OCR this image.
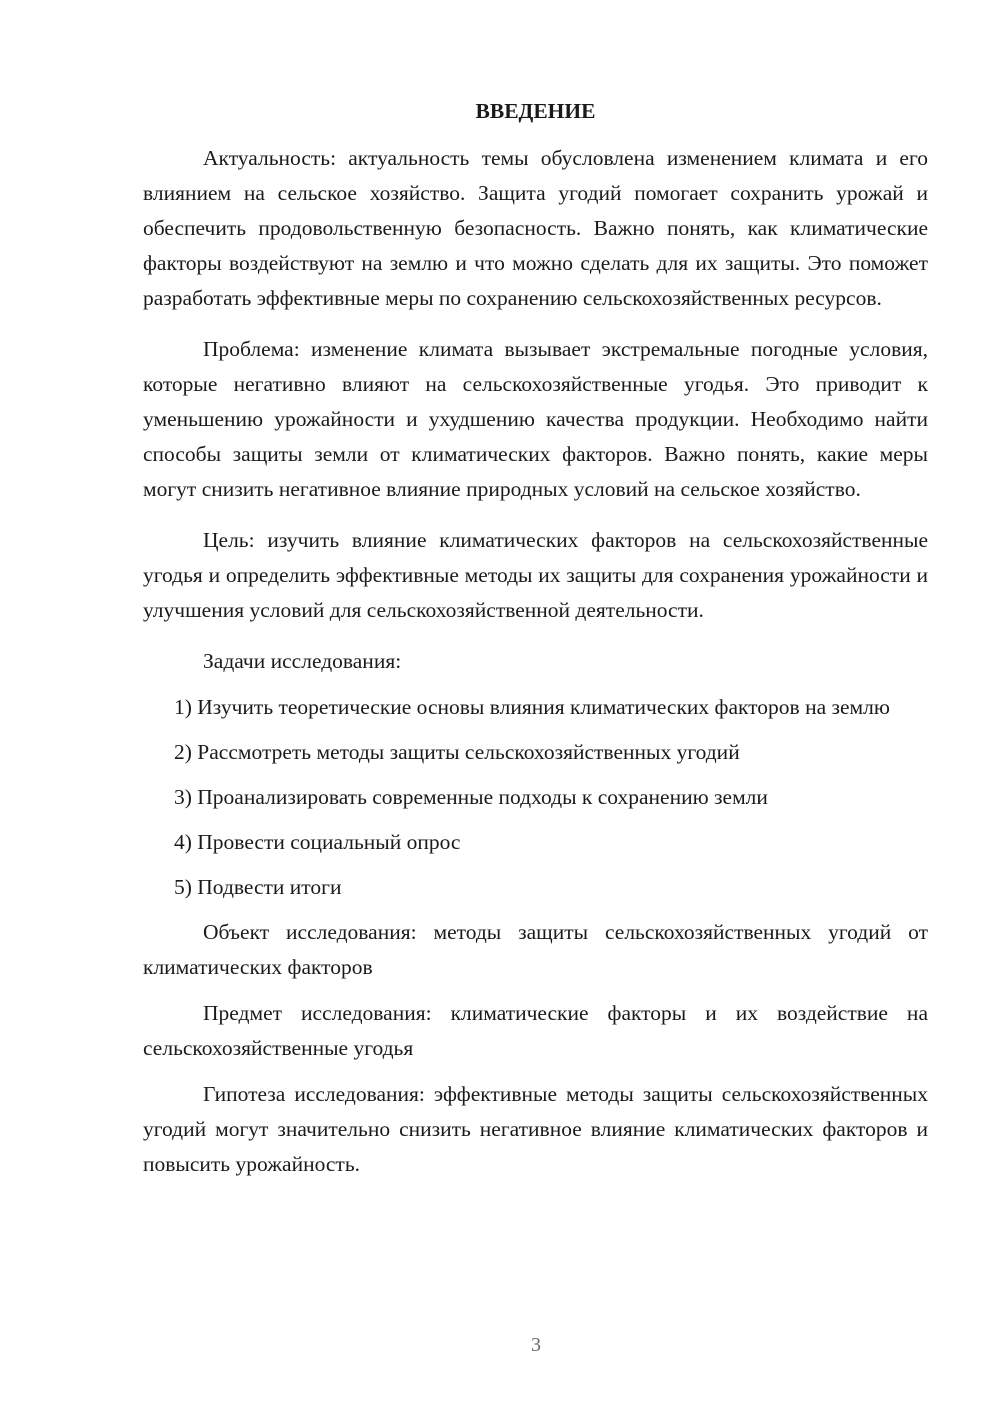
ВВЕДЕНИЕ

Актуальность: актуальность темы обусловлена изменением климата и его влиянием на сельское хозяйство. Защита угодий помогает сохранить урожай и обеспечить продовольственную безопасность. Важно понять, как климатические факторы воздействуют на землю и что можно сделать для их защиты. Это поможет разработать эффективные меры по сохранению сельскохозяйственных ресурсов.

Проблема: изменение климата вызывает экстремальные погодные условия, которые негативно влияют на сельскохозяйственные угодья. Это приводит к уменьшению урожайности и ухудшению качества продукции. Необходимо найти способы защиты земли от климатических факторов. Важно понять, какие меры могут снизить негативное влияние природных условий на сельское хозяйство.

Цель: изучить влияние климатических факторов на сельскохозяйственные угодья и определить эффективные методы их защиты для сохранения урожайности и улучшения условий для сельскохозяйственной деятельности.

Задачи исследования:

1) Изучить теоретические основы влияния климатических факторов на землю

2) Рассмотреть методы защиты сельскохозяйственных угодий

3) Проанализировать современные подходы к сохранению земли

4) Провести социальный опрос

5) Подвести итоги

Объект исследования: методы защиты сельскохозяйственных угодий от климатических факторов

Предмет исследования: климатические факторы и их воздействие на сельскохозяйственные угодья

Гипотеза исследования: эффективные методы защиты сельскохозяйственных угодий могут значительно снизить негативное влияние климатических факторов и повысить урожайность.

3
